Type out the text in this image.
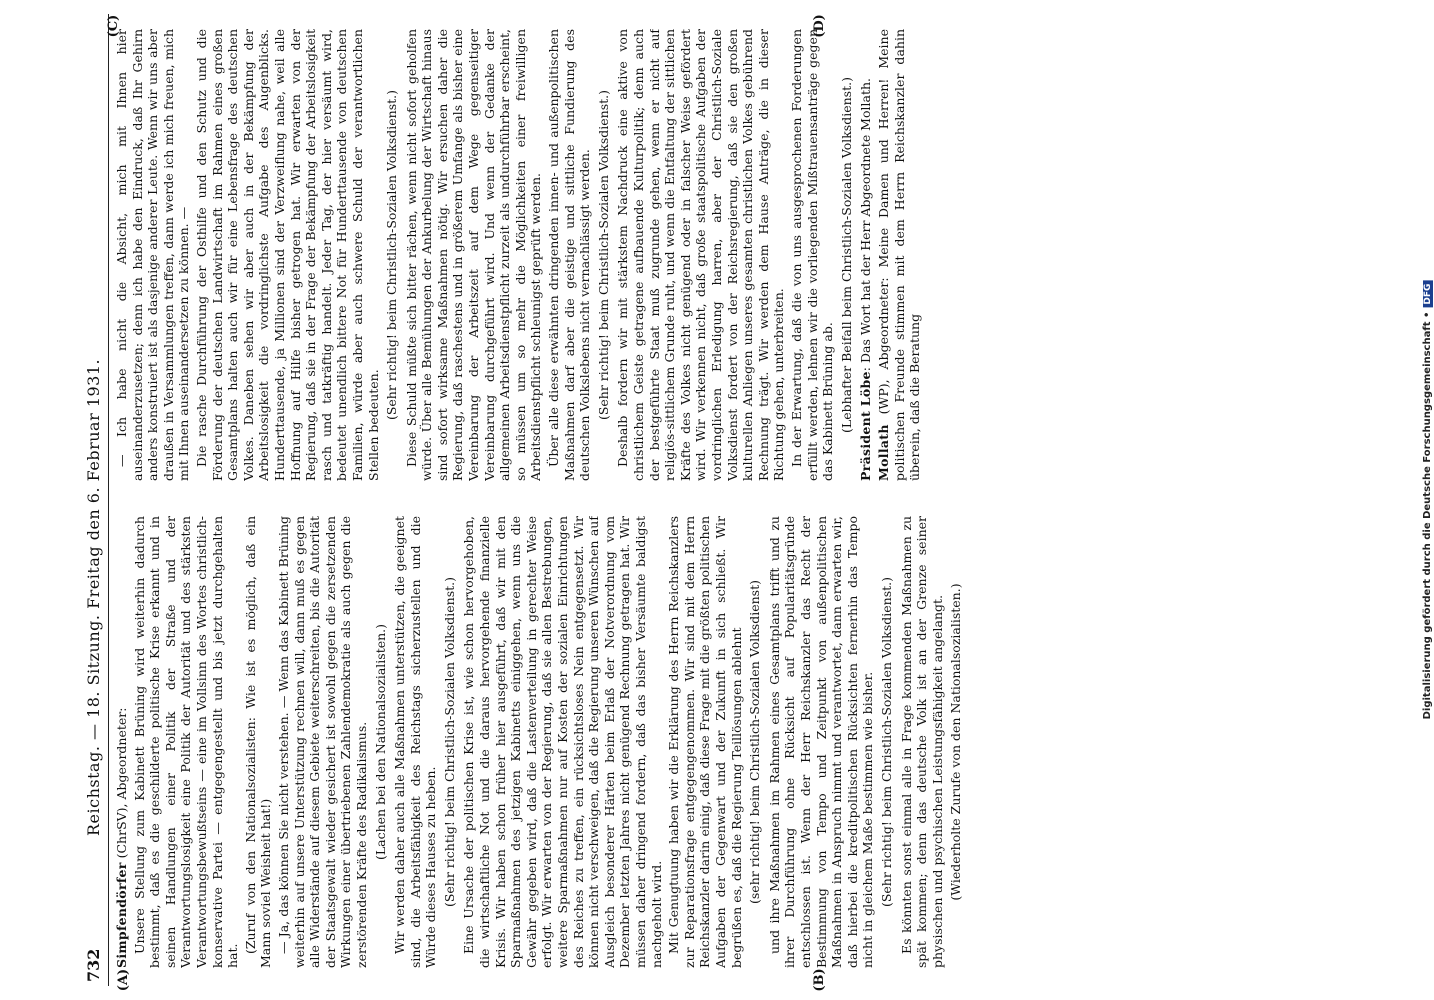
732
Reichstag. — 18. Sitzung. Freitag den 6. Februar 1931.
(A)	(B)
(C)	(D)

Simpfendörfer (ChrSV), Abgeordneter: Unsere Stellung zum Kabinett Brüning wird weiterhin dadurch bestimmt, daß es die geschilderte politische Krise erkannt und in seinen Handlungen einer Politik der Straße und der Verantwortungslosigkeit eine Politik der Autorität und des stärksten Verantwortungsbewußtseins — eine im Vollsinn des Wortes christlich-konservative Partei — entgegengestellt und bis jetzt durchgehalten hat.

(Zuruf von den Nationalsozialisten: Wie ist es möglich, daß ein Mann soviel Weisheit hat!) — Ja, das können Sie nicht verstehen. — Wenn das Kabinett Brüning weiterhin auf unsere Unterstützung rechnen will, dann muß es gegen alle Widerstände auf diesem Gebiete weiterschreiten, bis die Autorität der Staatsgewalt wieder gesichert ist sowohl gegen die zersetzenden Wirkungen einer übertriebenen Zahlendemokratie als auch gegen die zerstörenden Kräfte des Radikalismus. (Lachen bei den Nationalsozialisten.) Wir werden daher auch alle Maßnahmen unterstützen, die geeignet sind, die Arbeitsfähigkeit des Reichstags sicherzustellen und die Würde dieses Hauses zu heben. (Sehr richtig! beim Christlich-Sozialen Volksdienst.) Eine Ursache der politischen Krise ist, wie schon hervorgehoben, die wirtschaftliche Not und die daraus hervorgehende finanzielle Krisis. Wir haben schon früher hier ausgeführt, daß wir mit den Sparmaßnahmen des jetzigen Kabinetts einiggehen, wenn uns die Gewähr gegeben wird, daß die Lastenverteilung in gerechter Weise erfolgt. Wir erwarten von der Regierung, daß sie allen Bestrebungen, weitere Sparmaßnahmen nur auf Kosten der sozialen Einrichtungen des Reiches zu treffen, ein rücksichtsloses Nein entgegensetzt. Wir können nicht verschweigen, daß die Regierung unseren Wünschen auf Ausgleich besonderer Härten beim Erlaß der Notverordnung vom Dezember letzten Jahres nicht genügend Rechnung getragen hat. Wir müssen daher dringend fordern, daß das bisher Versäumte baldigst nachgeholt wird. Mit Genugtuung haben wir die Erklärung des Herrn Reichskanzlers zur Reparationsfrage entgegengenommen. Wir sind mit dem Herrn Reichskanzler darin einig, daß diese Frage mit die größten politischen Aufgaben der Gegenwart und der Zukunft in sich schließt. Wir begrüßen es, daß die Regierung Teillösungen ablehnt (sehr richtig! beim Christlich-Sozialen Volksdienst) und ihre Maßnahmen im Rahmen eines Gesamtplans trifft und zu ihrer Durchführung ohne Rücksicht auf Popularitätsgründe entschlossen ist. Wenn der Herr Reichskanzler das Recht der Bestimmung von Tempo und Zeitpunkt von außenpolitischen Maßnahmen in Anspruch nimmt und verantwortet, dann erwarten wir, daß hierbei die kreditpolitischen Rücksichten fernerhin das Tempo nicht in gleichem Maße bestimmen wie bisher. (Sehr richtig! beim Christlich-Sozialen Volksdienst.) Es könnten sonst einmal alle in Frage kommenden Maßnahmen zu spät kommen; denn das deutsche Volk ist an der Grenze seiner physischen und psychischen Leistungsfähigkeit angelangt. (Wiederholte Zurufe von den Nationalsozialisten.)

— Ich habe nicht die Absicht, mich mit Ihnen hier auseinanderzusetzen; denn ich habe den Eindruck, daß Ihr Gehirn anders konstruiert ist als dasjenige anderer Leute. Wenn wir uns aber draußen in Versammlungen treffen, dann werde ich mich freuen, mich mit Ihnen auseinandersetzen zu können. — Die rasche Durchführung der Osthilfe und den Schutz und die Förderung der deutschen Landwirtschaft im Rahmen eines großen Gesamtplans halten auch wir für eine Lebensfrage des deutschen Volkes. Daneben sehen wir aber auch in der Bekämpfung der Arbeitslosigkeit die vordringlichste Aufgabe des Augenblicks. Hunderttausende, ja Millionen sind der Verzweiflung nahe, weil alle Hoffnung auf Hilfe bisher getrogen hat. Wir erwarten von der Regierung, daß sie in der Frage der Bekämpfung der Arbeitslosigkeit rasch und tatkräftig handelt. Jeder Tag, der hier versäumt wird, bedeutet unendlich bittere Not für Hunderttausende von deutschen Familien, würde aber auch schwere Schuld der verantwortlichen Stellen bedeuten.

(Sehr richtig! beim Christlich-Sozialen Volksdienst.) Diese Schuld müßte sich bitter rächen, wenn nicht sofort geholfen würde. Über alle Bemühungen der Ankurbelung der Wirtschaft hinaus sind sofort wirksame Maßnahmen nötig. Wir ersuchen daher die Regierung, daß raschestens und in größerem Umfange als bisher eine Vereinbarung der Arbeitszeit auf dem Wege gegenseitiger Vereinbarung durchgeführt wird. Und wenn der Gedanke der allgemeinen Arbeitsdienstpflicht zurzeit als undurchführbar erscheint, so müssen um so mehr die Möglichkeiten einer freiwilligen Arbeitsdienstpflicht schleunigst geprüft werden. Über alle diese erwähnten dringenden innen- und außenpolitischen Maßnahmen darf aber die geistige und sittliche Fundierung des deutschen Volkslebens nicht vernachlässigt werden. (Sehr richtig! beim Christlich-Sozialen Volksdienst.) Deshalb fordern wir mit stärkstem Nachdruck eine aktive von christlichem Geiste getragene aufbauende Kulturpolitik; denn auch der bestgeführte Staat muß zugrunde gehen, wenn er nicht auf religiös-sittlichem Grunde ruht, und wenn die Entfaltung der sittlichen Kräfte des Volkes nicht genügend oder in falscher Weise gefördert wird. Wir verkennen nicht, daß große staatspolitische Aufgaben der vordringlichen Erledigung harren, aber der Christlich-Soziale Volksdienst fordert von der Reichsregierung, daß sie den großen kulturellen Anliegen unseres gesamten christlichen Volkes gebührend Rechnung trägt. Wir werden dem Hause Anträge, die in dieser Richtung gehen, unterbreiten. In der Erwartung, daß die von uns ausgesprochenen Forderungen erfüllt werden, lehnen wir die vorliegenden Mißtrauensanträge gegen das Kabinett Brüning ab. (Lebhafter Beifall beim Christlich-Sozialen Volksdienst.) Präsident Löbe: Das Wort hat der Herr Abgeordnete Mollath.

Mollath (WP), Abgeordneter: Meine Damen und Herren! Meine politischen Freunde stimmen mit dem Herrn Reichskanzler dahin überein, daß die Beratung	Digitalisierung gefördert durch die Deutsche Forschungsgemeinschaft •DFG
